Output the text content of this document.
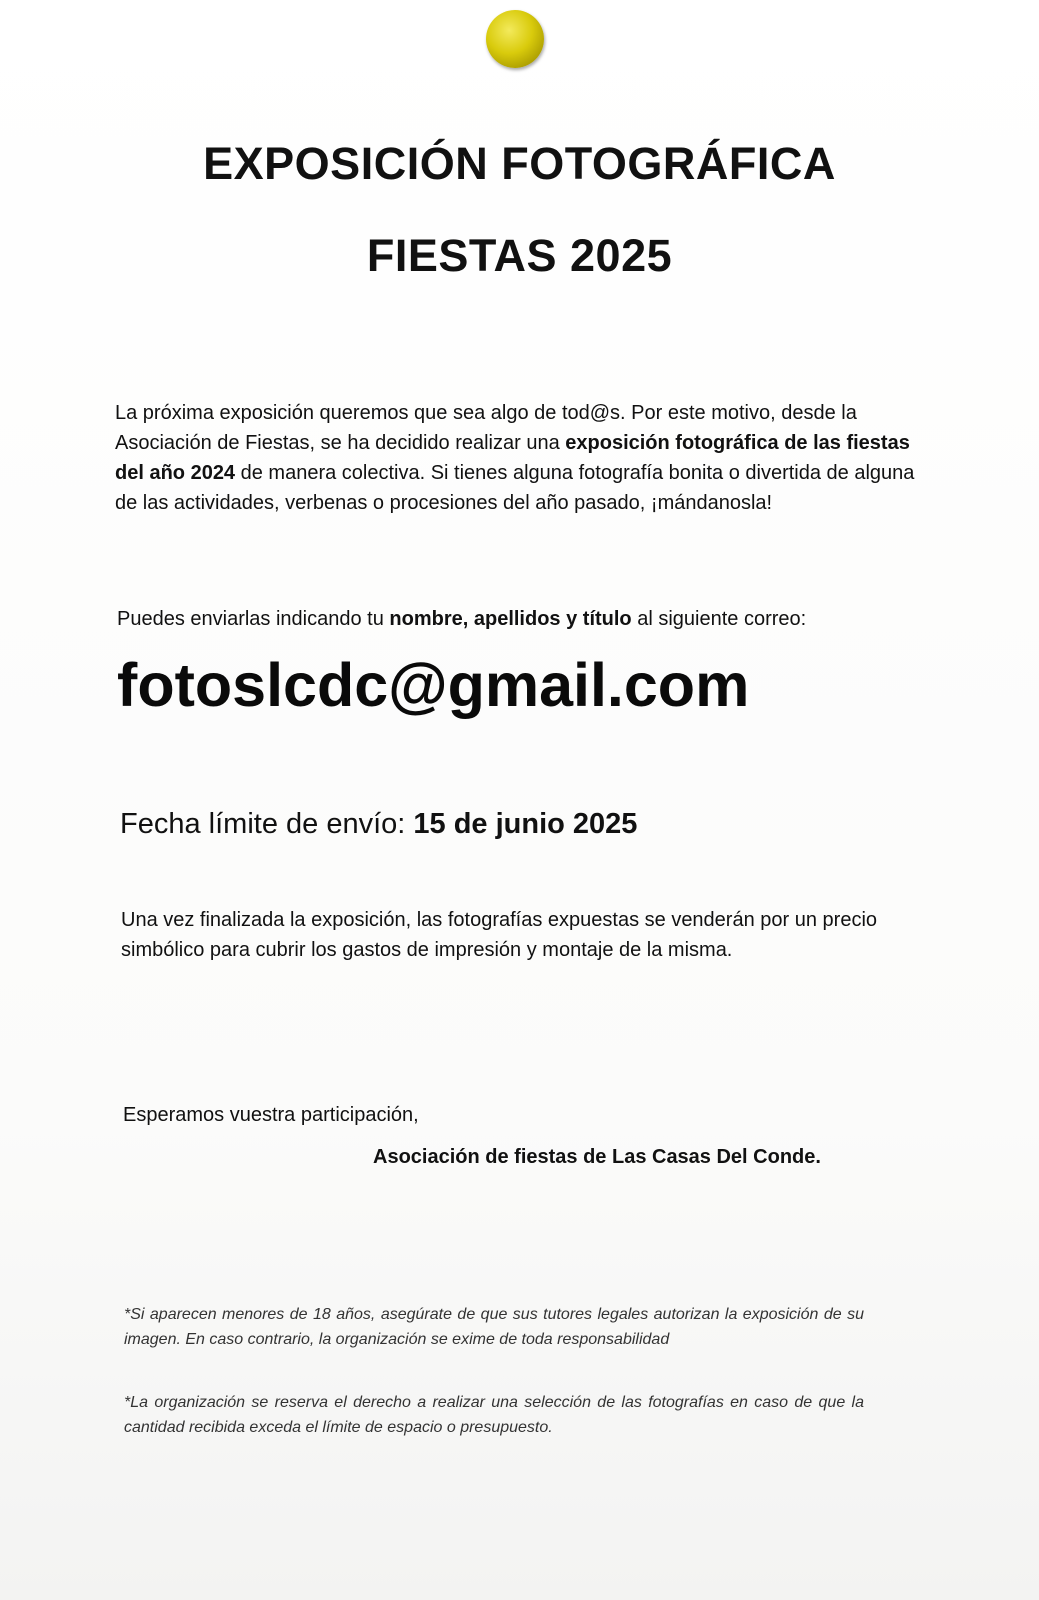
EXPOSICIÓN FOTOGRÁFICA
FIESTAS 2025

La próxima exposición queremos que sea algo de tod@s. Por este motivo, desde la Asociación de Fiestas, se ha decidido realizar una exposición fotográfica de las fiestas del año 2024 de manera colectiva. Si tienes alguna fotografía bonita o divertida de alguna de las actividades, verbenas o procesiones del año pasado, ¡mándanosla!

Puedes enviarlas indicando tu nombre, apellidos y título al siguiente correo:

fotoslcdc@gmail.com

Fecha límite de envío: 15 de junio 2025

Una vez finalizada la exposición, las fotografías expuestas se venderán por un precio simbólico para cubrir los gastos de impresión y montaje de la misma.

Esperamos vuestra participación,

Asociación de fiestas de Las Casas Del Conde.

*Si aparecen menores de 18 años, asegúrate de que sus tutores legales autorizan la exposición de su imagen. En caso contrario, la organización se exime de toda responsabilidad

*La organización se reserva el derecho a realizar una selección de las fotografías en caso de que la cantidad recibida exceda el límite de espacio o presupuesto.
